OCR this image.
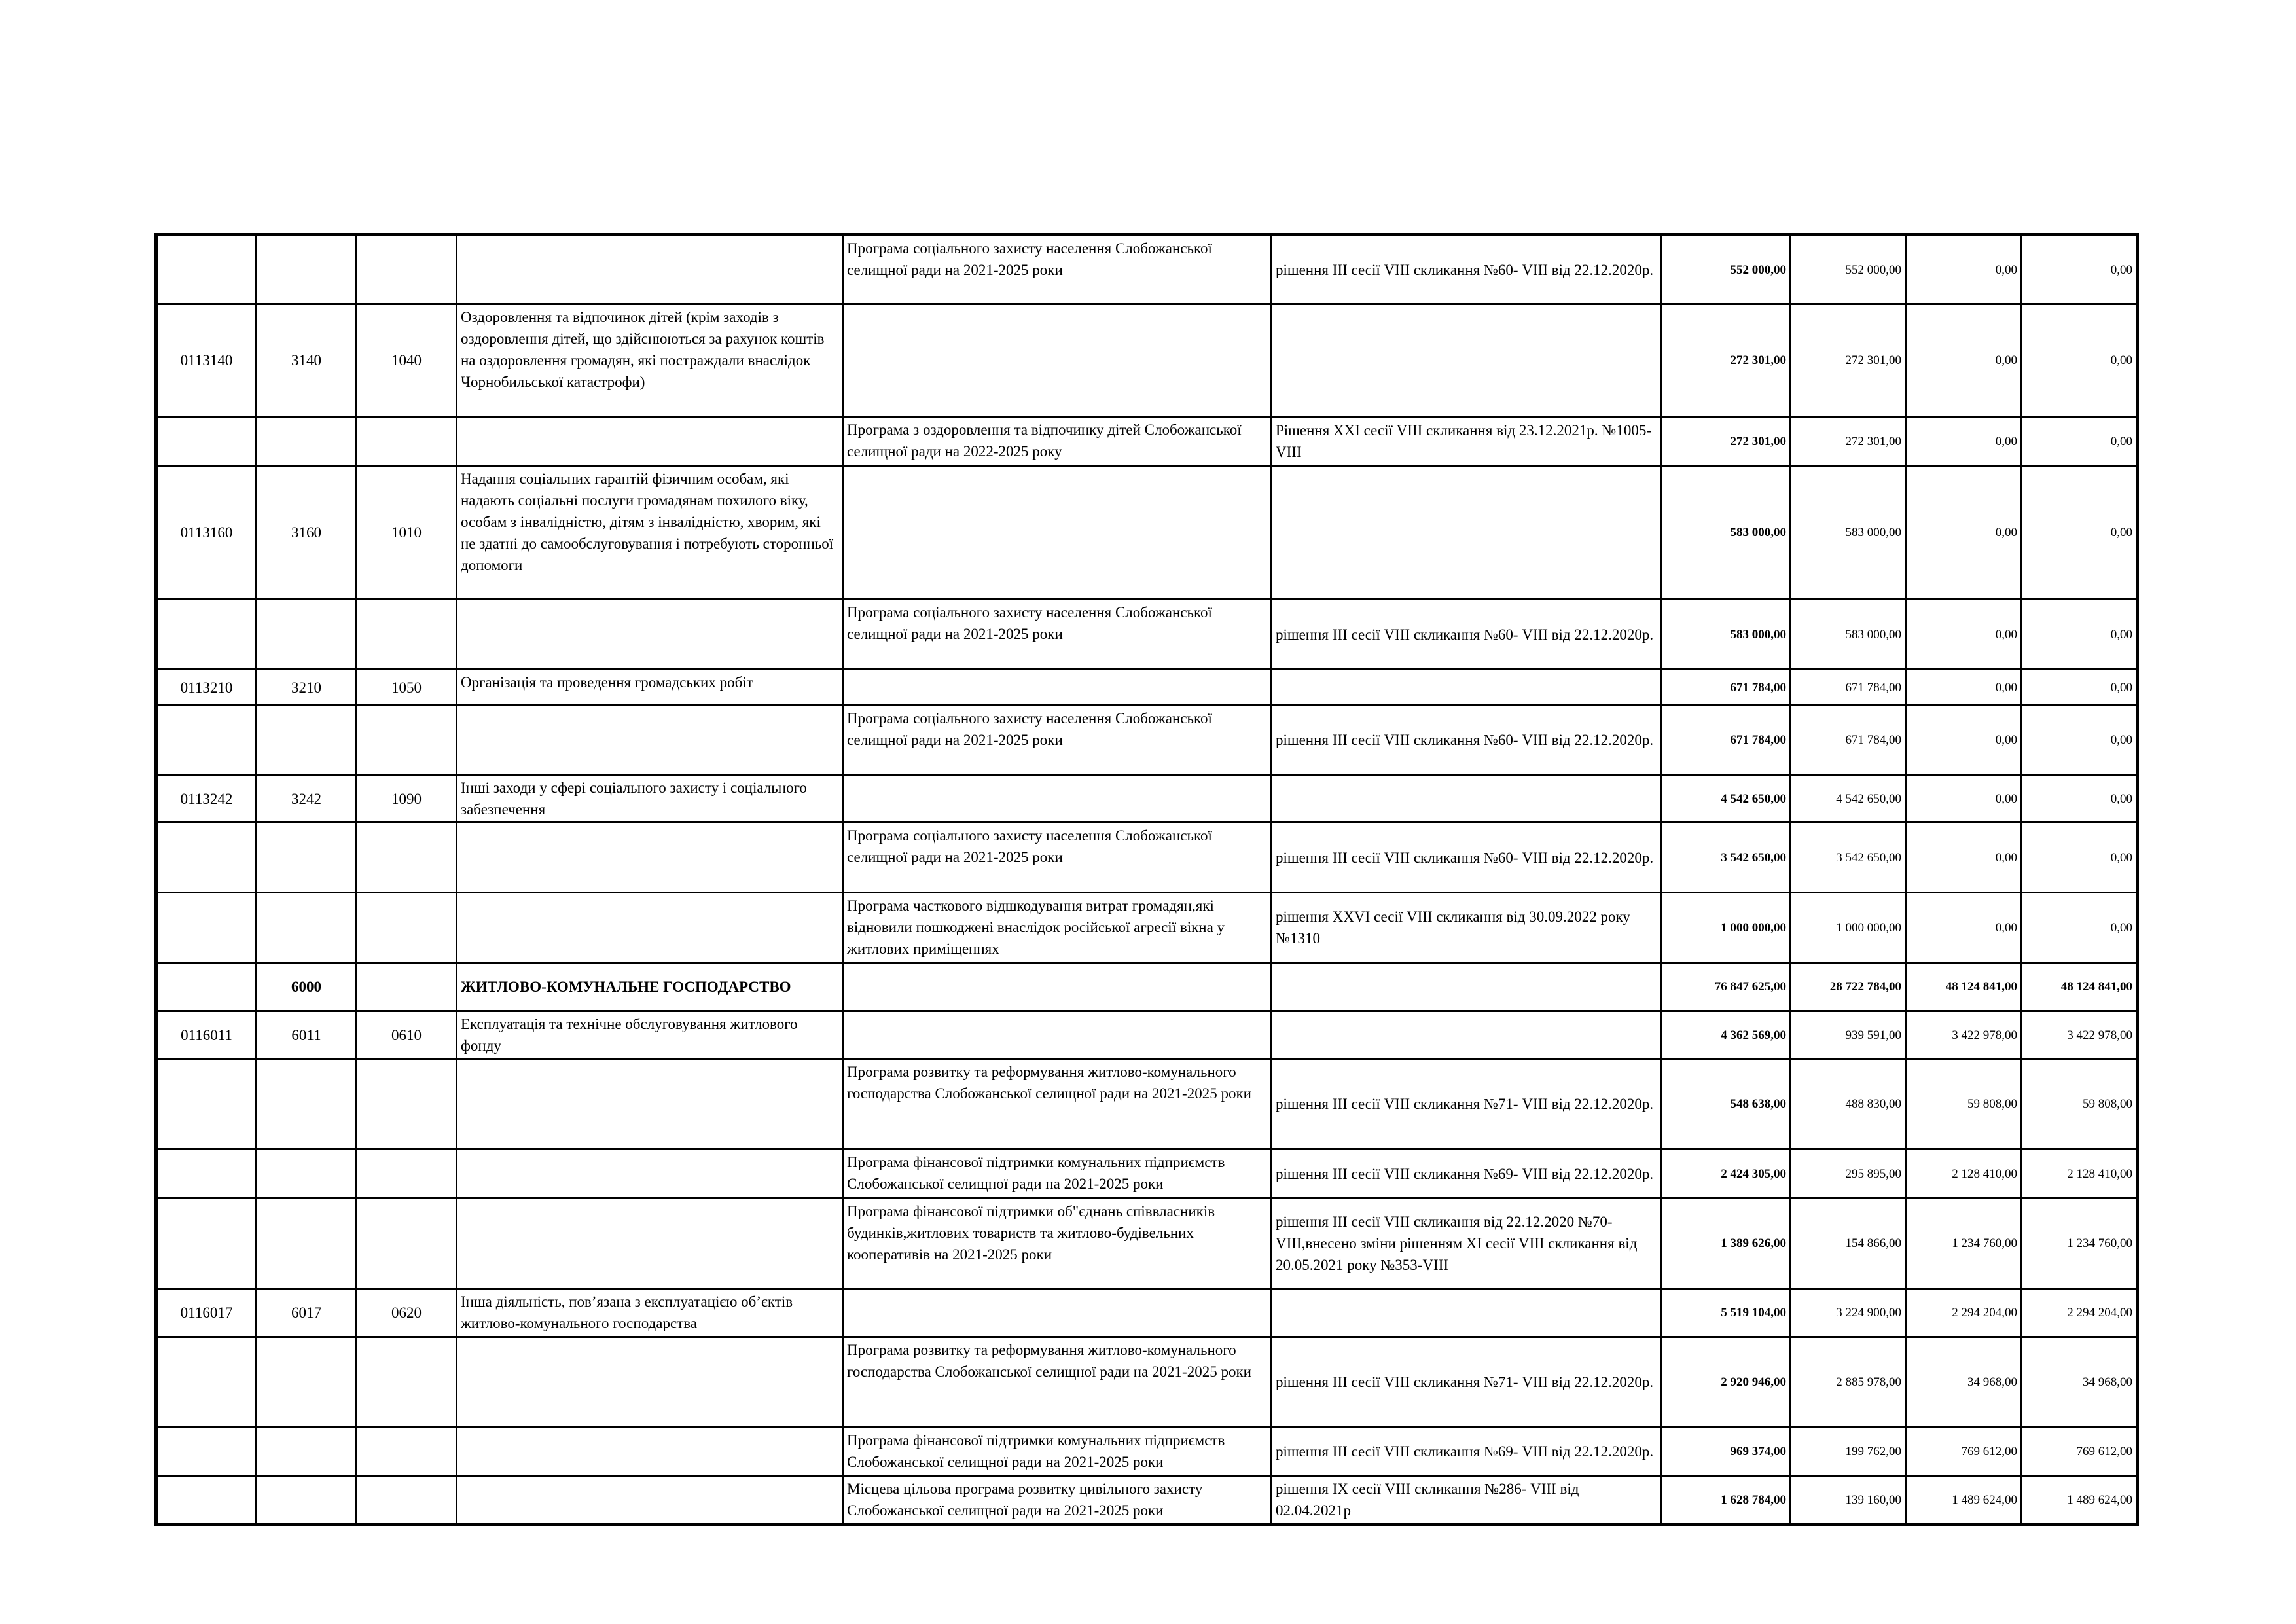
				Програма соціального захисту населення Слобожанської селищної ради на 2021-2025 роки	рішення ІІІ сесії VІІІ скликання №60- VІІІ від 22.12.2020р.	552 000,00	552 000,00	0,00	0,00
0113140	3140	1040	Оздоровлення та відпочинок дітей (крім заходів з оздоровлення дітей, що здійснюються за рахунок коштів на оздоровлення громадян, які постраждали внаслідок Чорнобильської катастрофи)			272 301,00	272 301,00	0,00	0,00
				Програма з оздоровлення та відпочинку дітей Слобожанської селищної ради на 2022-2025 року	Рішення ХХІ сесії VІІІ скликання від 23.12.2021р. №1005-VІІІ	272 301,00	272 301,00	0,00	0,00
0113160	3160	1010	Надання соціальних гарантій фізичним особам, які надають соціальні послуги громадянам похилого віку, особам з інвалідністю, дітям з інвалідністю, хворим, які не здатні до самообслуговування і потребують сторонньої допомоги			583 000,00	583 000,00	0,00	0,00
				Програма соціального захисту населення Слобожанської селищної ради на 2021-2025 роки	рішення ІІІ сесії VІІІ скликання №60- VІІІ від 22.12.2020р.	583 000,00	583 000,00	0,00	0,00
0113210	3210	1050	Організація та проведення громадських робіт			671 784,00	671 784,00	0,00	0,00
				Програма соціального захисту населення Слобожанської селищної ради на 2021-2025 роки	рішення ІІІ сесії VІІІ скликання №60- VІІІ від 22.12.2020р.	671 784,00	671 784,00	0,00	0,00
0113242	3242	1090	Інші заходи у сфері соціального захисту і соціального забезпечення			4 542 650,00	4 542 650,00	0,00	0,00
				Програма соціального захисту населення Слобожанської селищної ради на 2021-2025 роки	рішення ІІІ сесії VІІІ скликання №60- VІІІ від 22.12.2020р.	3 542 650,00	3 542 650,00	0,00	0,00
				Програма часткового відшкодування витрат громадян,які відновили пошкоджені внаслідок російської агресії вікна у житлових приміщеннях	рішення ХХVІ сесії VІІІ скликання від 30.09.2022 року №1310	1 000 000,00	1 000 000,00	0,00	0,00
	6000		ЖИТЛОВО-КОМУНАЛЬНЕ ГОСПОДАРСТВО			76 847 625,00	28 722 784,00	48 124 841,00	48 124 841,00
0116011	6011	0610	Експлуатація та технічне обслуговування житлового фонду			4 362 569,00	939 591,00	3 422 978,00	3 422 978,00
				Програма розвитку та реформування житлово-комунального господарства Слобожанської селищної ради на 2021-2025 роки	рішення ІІІ сесії VІІІ скликання №71- VІІІ від 22.12.2020р.	548 638,00	488 830,00	59 808,00	59 808,00
				Програма фінансової підтримки комунальних підприємств Слобожанської селищної ради на 2021-2025 роки	рішення ІІІ сесії VІІІ скликання №69- VІІІ від 22.12.2020р.	2 424 305,00	295 895,00	2 128 410,00	2 128 410,00
				Програма фінансової підтримки об"єднань співвласників будинків,житлових товариств та житлово-будівельних кооперативів на 2021-2025 роки	рішення ІІІ сесії VІІІ скликання від 22.12.2020 №70-VІІІ,внесено зміни рішенням ХІ сесії VІІІ скликання від 20.05.2021 року №353-VІІІ	1 389 626,00	154 866,00	1 234 760,00	1 234 760,00
0116017	6017	0620	Інша діяльність, пов’язана з експлуатацією об’єктів житлово-комунального господарства			5 519 104,00	3 224 900,00	2 294 204,00	2 294 204,00
				Програма розвитку та реформування житлово-комунального господарства Слобожанської селищної ради на 2021-2025 роки	рішення ІІІ сесії VІІІ скликання №71- VІІІ від 22.12.2020р.	2 920 946,00	2 885 978,00	34 968,00	34 968,00
				Програма фінансової підтримки комунальних підприємств Слобожанської селищної ради на 2021-2025 роки	рішення ІІІ сесії VІІІ скликання №69- VІІІ від 22.12.2020р.	969 374,00	199 762,00	769 612,00	769 612,00
				Місцева цільова програма розвитку цивільного захисту Слобожанської селищної ради на 2021-2025 роки	рішення ІХ сесії VІІІ скликання №286- VІІІ від 02.04.2021р	1 628 784,00	139 160,00	1 489 624,00	1 489 624,00
